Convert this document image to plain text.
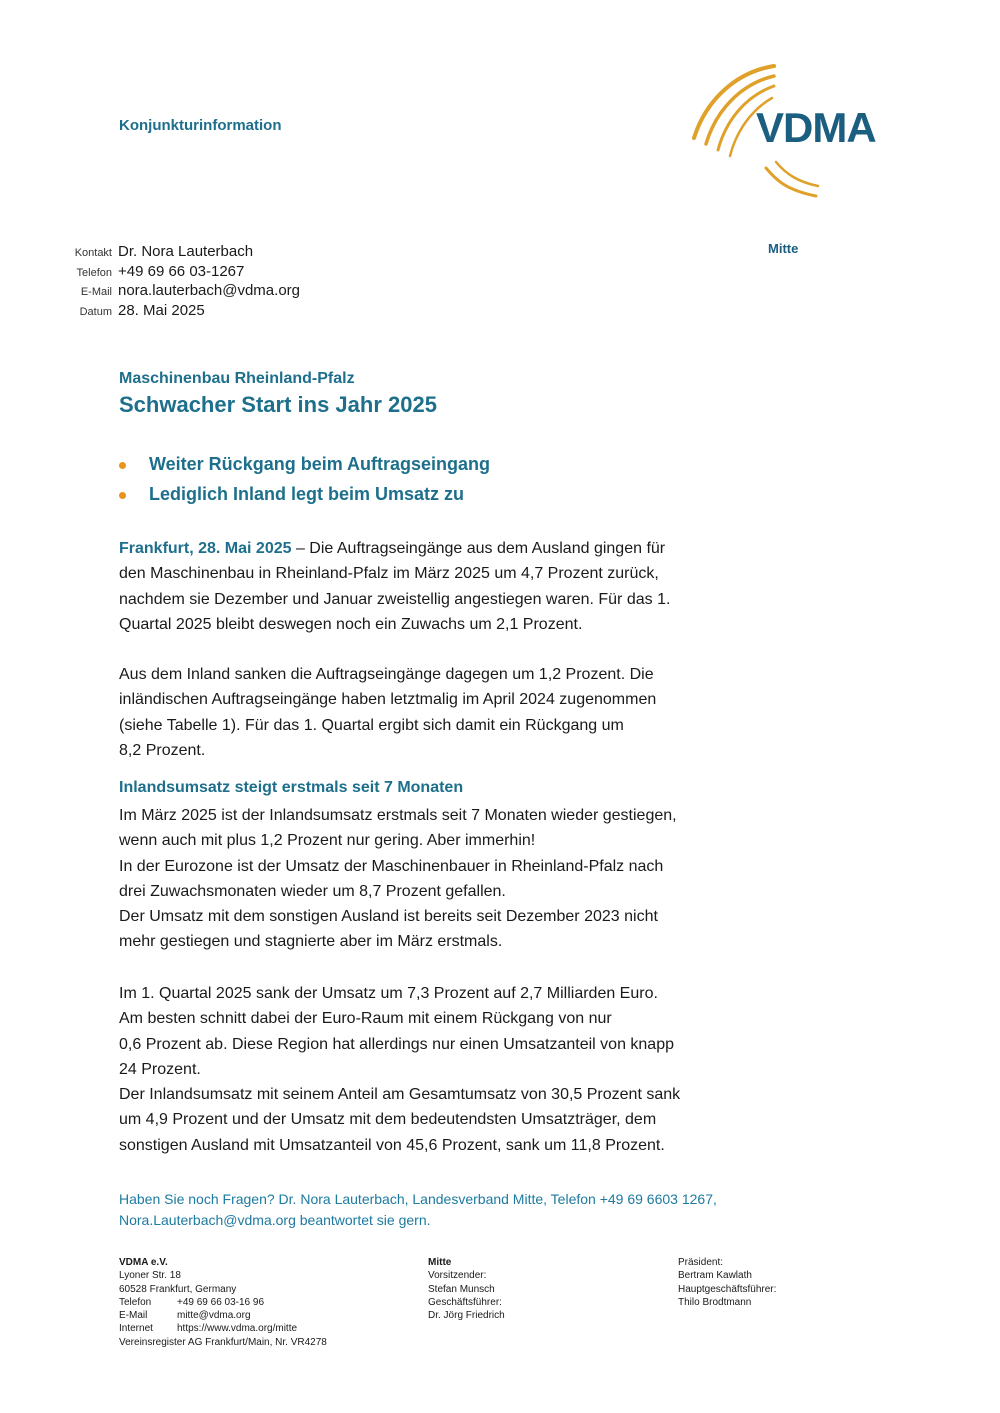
Konjunkturinformation	VDMA
Mitte
Kontakt Dr. Nora Lauterbach
Telefon +49 69 66 03-1267
E-Mail nora.lauterbach@vdma.org
Datum 28. Mai 2025
Maschinenbau Rheinland-Pfalz
Schwacher Start ins Jahr 2025
Weiter Rückgang beim Auftragseingang
Lediglich Inland legt beim Umsatz zu
Frankfurt, 28. Mai 2025 – Die Auftragseingänge aus dem Ausland gingen für
den Maschinenbau in Rheinland-Pfalz im März 2025 um 4,7 Prozent zurück,
nachdem sie Dezember und Januar zweistellig angestiegen waren. Für das 1.
Quartal 2025 bleibt deswegen noch ein Zuwachs um 2,1 Prozent.
Aus dem Inland sanken die Auftragseingänge dagegen um 1,2 Prozent. Die
inländischen Auftragseingänge haben letztmalig im April 2024 zugenommen
(siehe Tabelle 1). Für das 1. Quartal ergibt sich damit ein Rückgang um
8,2 Prozent.
Inlandsumsatz steigt erstmals seit 7 Monaten
Im März 2025 ist der Inlandsumsatz erstmals seit 7 Monaten wieder gestiegen,
wenn auch mit plus 1,2 Prozent nur gering. Aber immerhin!
In der Eurozone ist der Umsatz der Maschinenbauer in Rheinland-Pfalz nach
drei Zuwachsmonaten wieder um 8,7 Prozent gefallen.
Der Umsatz mit dem sonstigen Ausland ist bereits seit Dezember 2023 nicht
mehr gestiegen und stagnierte aber im März erstmals.
Im 1. Quartal 2025 sank der Umsatz um 7,3 Prozent auf 2,7 Milliarden Euro.
Am besten schnitt dabei der Euro-Raum mit einem Rückgang von nur
0,6 Prozent ab. Diese Region hat allerdings nur einen Umsatzanteil von knapp
24 Prozent.
Der Inlandsumsatz mit seinem Anteil am Gesamtumsatz von 30,5 Prozent sank
um 4,9 Prozent und der Umsatz mit dem bedeutendsten Umsatzträger, dem
sonstigen Ausland mit Umsatzanteil von 45,6 Prozent, sank um 11,8 Prozent.
Haben Sie noch Fragen? Dr. Nora Lauterbach, Landesverband Mitte, Telefon +49 69 6603 1267,
Nora.Lauterbach@vdma.org beantwortet sie gern.
VDMA e.V.
Lyoner Str. 18
60528 Frankfurt, Germany
Telefon	+49 69 66 03-16 96
E-Mail	mitte@vdma.org
Internet	https://www.vdma.org/mitte
Vereinsregister AG Frankfurt/Main, Nr. VR4278
Mitte
Vorsitzender:
Stefan Munsch
Geschäftsführer:
Dr. Jörg Friedrich
Präsident:
Bertram Kawlath
Hauptgeschäftsführer:
Thilo Brodtmann
